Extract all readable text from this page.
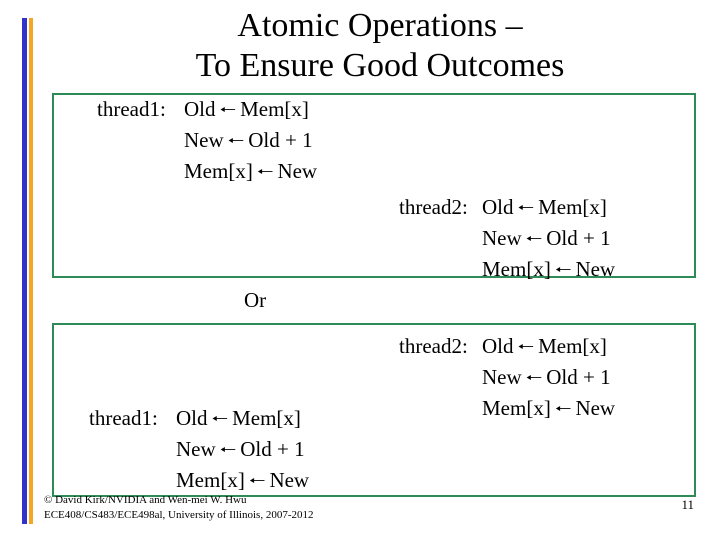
Atomic Operations –
To Ensure Good Outcomes
thread1: Old 🠐 Mem[x]
New 🠐 Old + 1
Mem[x] 🠐 New
thread2: Old 🠐 Mem[x]
New 🠐 Old + 1
Mem[x] 🠐 New
Or
thread2: Old 🠐 Mem[x]
New 🠐 Old + 1
Mem[x] 🠐 New
thread1: Old 🠐 Mem[x]
New 🠐 Old + 1
Mem[x] 🠐 New
© David Kirk/NVIDIA and Wen-mei W. Hwu
ECE408/CS483/ECE498al, University of Illinois, 2007-2012
11
